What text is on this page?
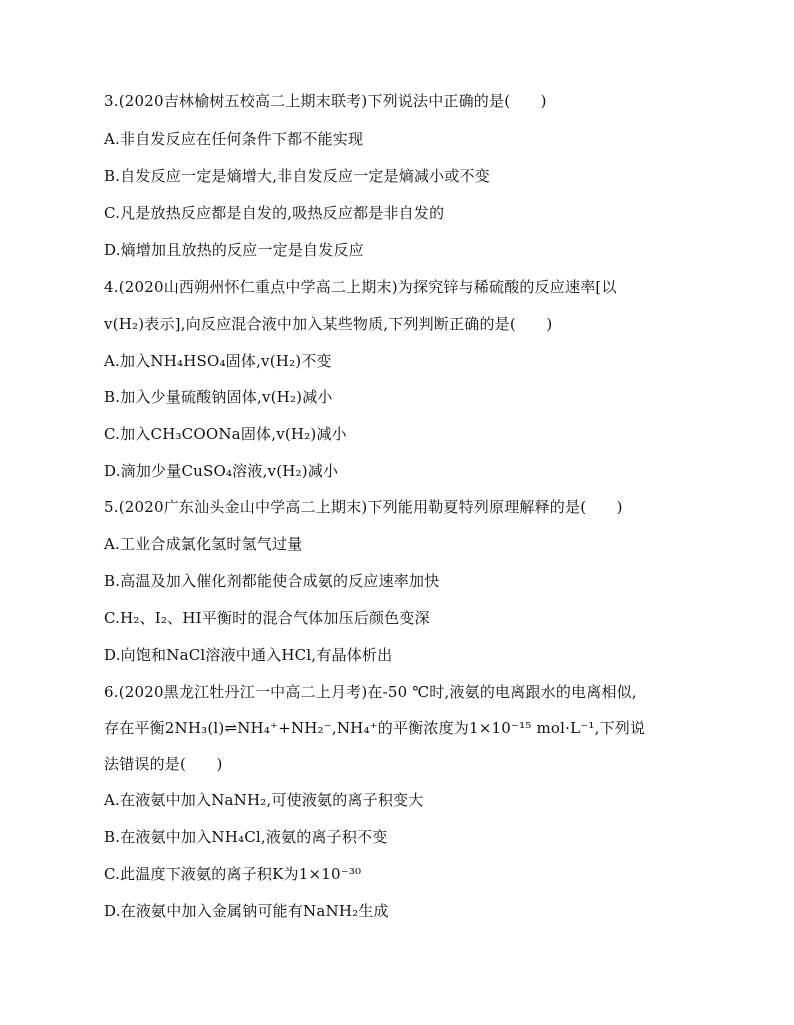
3.(2020吉林榆树五校高二上期末联考)下列说法中正确的是(　　)
A.非自发反应在任何条件下都不能实现
B.自发反应一定是熵增大,非自发反应一定是熵减小或不变
C.凡是放热反应都是自发的,吸热反应都是非自发的
D.熵增加且放热的反应一定是自发反应
4.(2020山西朔州怀仁重点中学高二上期末)为探究锌与稀硫酸的反应速率[以
v(H₂)表示],向反应混合液中加入某些物质,下列判断正确的是(　　)
A.加入NH₄HSO₄固体,v(H₂)不变
B.加入少量硫酸钠固体,v(H₂)减小
C.加入CH₃COONa固体,v(H₂)减小
D.滴加少量CuSO₄溶液,v(H₂)减小
5.(2020广东汕头金山中学高二上期末)下列能用勒夏特列原理解释的是(　　)
A.工业合成氯化氢时氢气过量
B.高温及加入催化剂都能使合成氨的反应速率加快
C.H₂、I₂、HI平衡时的混合气体加压后颜色变深
D.向饱和NaCl溶液中通入HCl,有晶体析出
6.(2020黑龙江牡丹江一中高二上月考)在-50 ℃时,液氨的电离跟水的电离相似,
存在平衡2NH₃(l)⇌NH₄⁺+NH₂⁻,NH₄⁺的平衡浓度为1×10⁻¹⁵ mol·L⁻¹,下列说
法错误的是(　　)
A.在液氨中加入NaNH₂,可使液氨的离子积变大
B.在液氨中加入NH₄Cl,液氨的离子积不变
C.此温度下液氨的离子积K为1×10⁻³⁰
D.在液氨中加入金属钠可能有NaNH₂生成
